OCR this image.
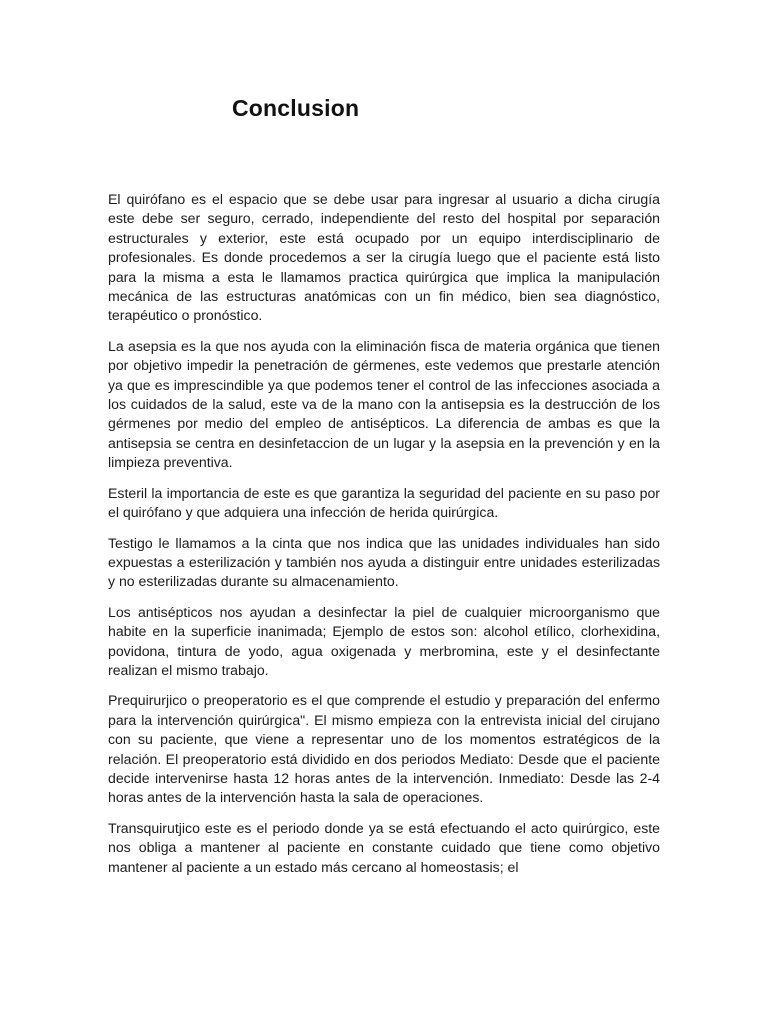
Conclusion

El quirófano es el espacio que se debe usar para ingresar al usuario a dicha cirugía este debe ser seguro, cerrado, independiente del resto del hospital por separación estructurales y exterior, este está ocupado por un equipo interdisciplinario de profesionales. Es donde procedemos a ser la cirugía luego que el paciente está listo para la misma a esta le llamamos practica quirúrgica que implica la manipulación mecánica de las estructuras anatómicas con un fin médico, bien sea diagnóstico, terapéutico o pronóstico.

La asepsia es la que nos ayuda con la eliminación fisca de materia orgánica que tienen por objetivo impedir la penetración de gérmenes, este vedemos que prestarle atención ya que es imprescindible ya que podemos tener el control de las infecciones asociada a los cuidados de la salud, este va de la mano con la antisepsia es la destrucción de los gérmenes por medio del empleo de antisépticos. La diferencia de ambas es que la antisepsia se centra en desinfetaccion de un lugar y la asepsia en la prevención y en la limpieza preventiva.

Esteril la importancia de este es que garantiza la seguridad del paciente en su paso por el quirófano y que adquiera una infección de herida quirúrgica.

Testigo le llamamos a la cinta que nos indica que las unidades individuales han sido expuestas a esterilización y también nos ayuda a distinguir entre unidades esterilizadas y no esterilizadas durante su almacenamiento.

Los antisépticos nos ayudan a desinfectar la piel de cualquier microorganismo que habite en la superficie inanimada; Ejemplo de estos son: alcohol etílico, clorhexidina, povidona, tintura de yodo, agua oxigenada y merbromina, este y el desinfectante realizan el mismo trabajo.

Prequirurjico o preoperatorio es el que comprende el estudio y preparación del enfermo para la intervención quirúrgica". El mismo empieza con la entrevista inicial del cirujano con su paciente, que viene a representar uno de los momentos estratégicos de la relación. El preoperatorio está dividido en dos periodos Mediato: Desde que el paciente decide intervenirse hasta 12 horas antes de la intervención. Inmediato: Desde las 2-4 horas antes de la intervención hasta la sala de operaciones.

Transquirutjico este es el periodo donde ya se está efectuando el acto quirúrgico, este nos obliga a mantener al paciente en constante cuidado que tiene como objetivo mantener al paciente a un estado más cercano al homeostasis; el
